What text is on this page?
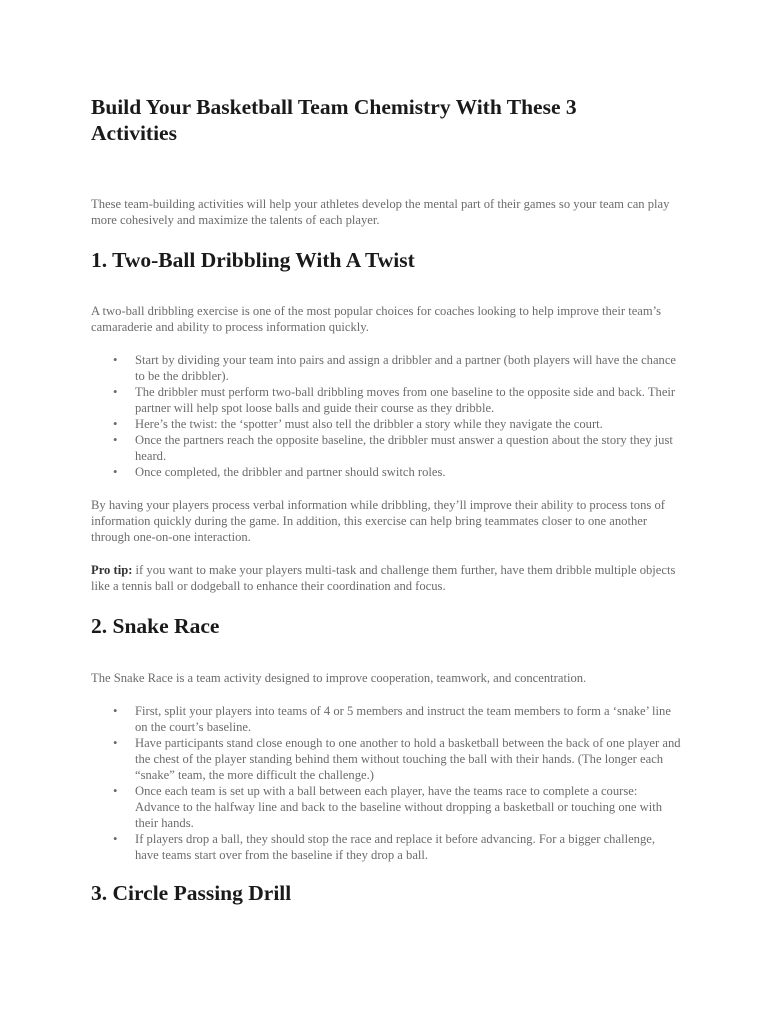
Build Your Basketball Team Chemistry With These 3 Activities

These team-building activities will help your athletes develop the mental part of their games so your team can play more cohesively and maximize the talents of each player.

1. Two-Ball Dribbling With A Twist

A two-ball dribbling exercise is one of the most popular choices for coaches looking to help improve their team’s camaraderie and ability to process information quickly.

• Start by dividing your team into pairs and assign a dribbler and a partner (both players will have the chance to be the dribbler).
• The dribbler must perform two-ball dribbling moves from one baseline to the opposite side and back. Their partner will help spot loose balls and guide their course as they dribble.
• Here’s the twist: the ‘spotter’ must also tell the dribbler a story while they navigate the court.
• Once the partners reach the opposite baseline, the dribbler must answer a question about the story they just heard.
• Once completed, the dribbler and partner should switch roles.

By having your players process verbal information while dribbling, they’ll improve their ability to process tons of information quickly during the game. In addition, this exercise can help bring teammates closer to one another through one-on-one interaction.

Pro tip: if you want to make your players multi-task and challenge them further, have them dribble multiple objects like a tennis ball or dodgeball to enhance their coordination and focus.

2. Snake Race

The Snake Race is a team activity designed to improve cooperation, teamwork, and concentration.

• First, split your players into teams of 4 or 5 members and instruct the team members to form a ‘snake’ line on the court’s baseline.
• Have participants stand close enough to one another to hold a basketball between the back of one player and the chest of the player standing behind them without touching the ball with their hands. (The longer each “snake” team, the more difficult the challenge.)
• Once each team is set up with a ball between each player, have the teams race to complete a course: Advance to the halfway line and back to the baseline without dropping a basketball or touching one with their hands.
• If players drop a ball, they should stop the race and replace it before advancing. For a bigger challenge, have teams start over from the baseline if they drop a ball.
3. Circle Passing Drill
